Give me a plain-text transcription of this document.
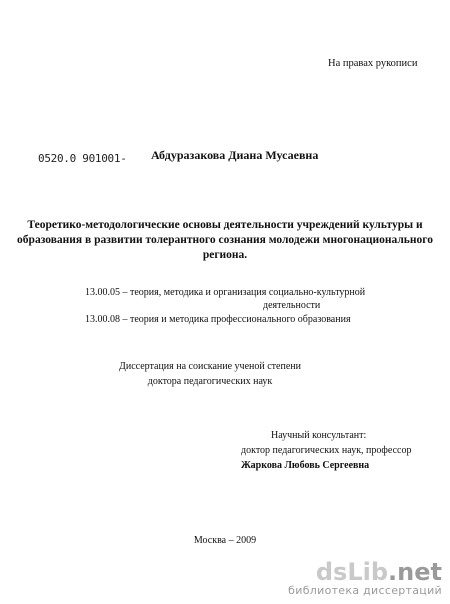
На правах рукописи
0520.0 901001- Абдуразакова Диана Мусаевна
Теоретико-методологические основы деятельности учреждений культуры и образования в развитии толерантного сознания молодежи многонационального региона.
13.00.05 – теория, методика и организация социально-культурной
деятельности
13.00.08 – теория и методика профессионального образования
Диссертация на соискание ученой степени
доктора педагогических наук
Научный консультант:
доктор педагогических наук, профессор
Жаркова Любовь Сергеевна
Москва – 2009
dsLib.net
библиотека диссертаций
